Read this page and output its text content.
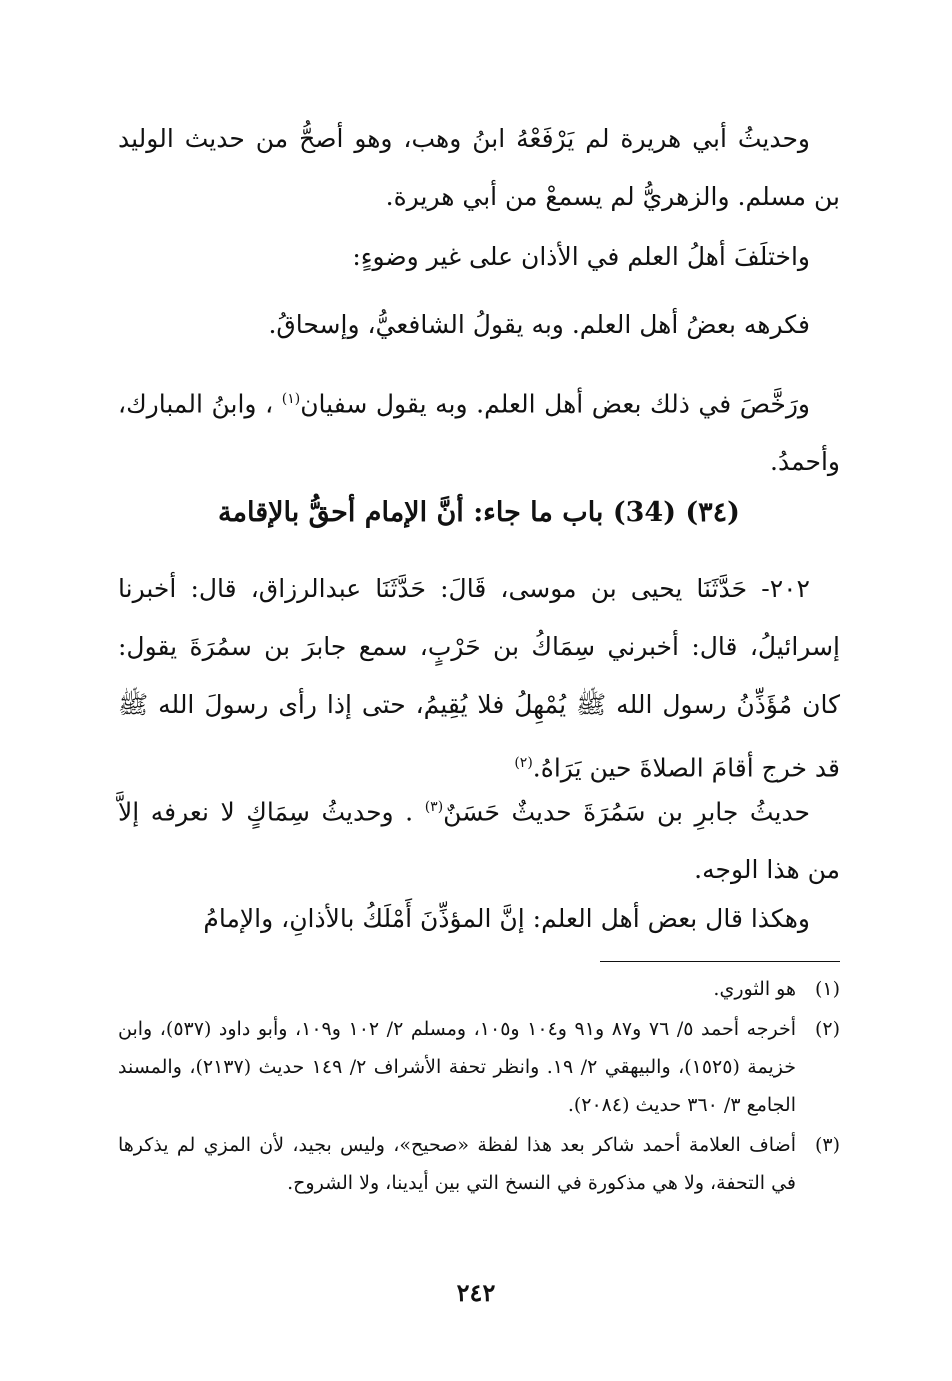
وحديثُ أبي هريرة لم يَرْفَعْهُ ابنُ وهب، وهو أصحُّ من حديث الوليد بن مسلم. والزهريُّ لم يسمعْ من أبي هريرة.

واختلَفَ أهلُ العلم في الأذان على غير وضوءٍ:

فكرهه بعضُ أهل العلم. وبه يقولُ الشافعيُّ، وإسحاقُ.

ورَخَّصَ في ذلك بعض أهل العلم. وبه يقول سفيان$^{(١)}$ ، وابنُ المبارك، وأحمدُ.

(٣٤) (34) باب ما جاء: أنَّ الإمام أحقُّ بالإقامة

٢٠٢- حَدَّثَنَا يحيى بن موسى، قَالَ: حَدَّثَنَا عبدالرزاق، قال: أخبرنا إسرائيلُ، قال: أخبرني سِمَاكُ بن حَرْبٍ، سمع جابرَ بن سمُرَةَ يقول: كان مُؤَذِّنُ رسول الله ﷺ يُمْهِلُ فلا يُقِيمُ، حتى إذا رأى رسولَ الله ﷺ قد خرج أقامَ الصلاةَ حين يَرَاهُ.$^{(٢)}$

حديثُ جابرِ بن سَمُرَةَ حديثٌ حَسَنٌ$^{(٣)}$ . وحديثُ سِمَاكٍ لا نعرفه إلاَّ من هذا الوجه.

وهكذا قال بعض أهل العلم: إنَّ المؤذِّنَ أَمْلَكُ بالأذانِ، والإمامُ

(١)
هو الثوري.
(٢)
أخرجه أحمد ٥/ ٧٦ و٨٧ و٩١ و١٠٤ و١٠٥، ومسلم ٢/ ١٠٢ و١٠٩، وأبو داود (٥٣٧)، وابن خزيمة (١٥٢٥)، والبيهقي ٢/ ١٩. وانظر تحفة الأشراف ٢/ ١٤٩ حديث (٢١٣٧)، والمسند الجامع ٣/ ٣٦٠ حديث (٢٠٨٤).
(٣)
أضاف العلامة أحمد شاكر بعد هذا لفظة «صحيح»، وليس بجيد، لأن المزي لم يذكرها في التحفة، ولا هي مذكورة في النسخ التي بين أيدينا، ولا الشروح.
٢٤٢
